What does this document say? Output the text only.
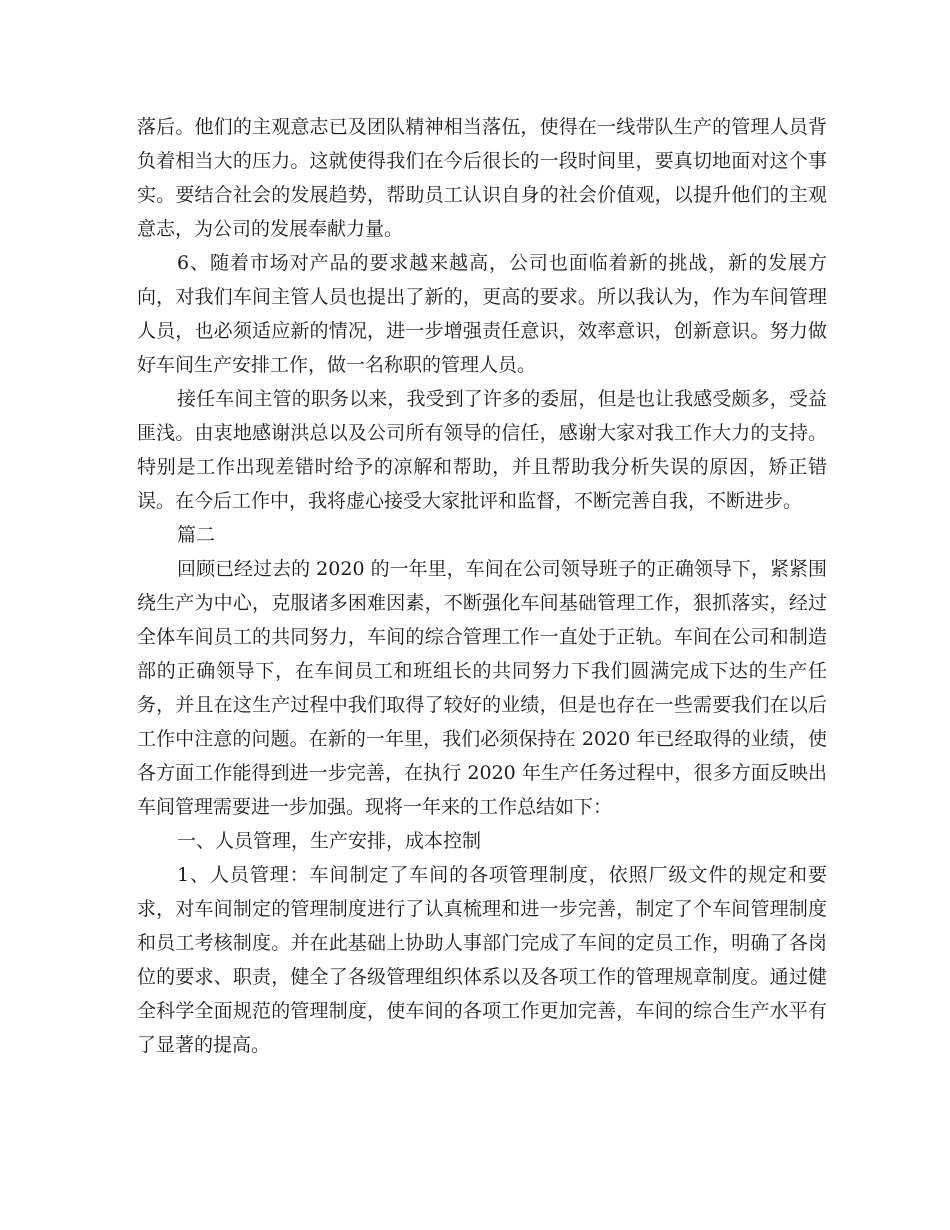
落后。他们的主观意志已及团队精神相当落伍，使得在一线带队生产的管理人员背负着相当大的压力。这就使得我们在今后很长的一段时间里，要真切地面对这个事实。要结合社会的发展趋势，帮助员工认识自身的社会价值观，以提升他们的主观意志，为公司的发展奉献力量。

6、随着市场对产品的要求越来越高，公司也面临着新的挑战，新的发展方向，对我们车间主管人员也提出了新的，更高的要求。所以我认为，作为车间管理人员，也必须适应新的情况，进一步增强责任意识，效率意识，创新意识。努力做好车间生产安排工作，做一名称职的管理人员。

接任车间主管的职务以来，我受到了许多的委屈，但是也让我感受颇多，受益匪浅。由衷地感谢洪总以及公司所有领导的信任，感谢大家对我工作大力的支持。特别是工作出现差错时给予的凉解和帮助，并且帮助我分析失误的原因，矫正错误。在今后工作中，我将虚心接受大家批评和监督，不断完善自我，不断进步。

篇二

回顾已经过去的 2020 的一年里，车间在公司领导班子的正确领导下，紧紧围绕生产为中心，克服诸多困难因素，不断强化车间基础管理工作，狠抓落实，经过全体车间员工的共同努力，车间的综合管理工作一直处于正轨。车间在公司和制造部的正确领导下，在车间员工和班组长的共同努力下我们圆满完成下达的生产任务，并且在这生产过程中我们取得了较好的业绩，但是也存在一些需要我们在以后工作中注意的问题。在新的一年里，我们必须保持在 2020 年已经取得的业绩，使各方面工作能得到进一步完善，在执行 2020 年生产任务过程中，很多方面反映出车间管理需要进一步加强。现将一年来的工作总结如下：

一、人员管理，生产安排，成本控制

1、人员管理：车间制定了车间的各项管理制度，依照厂级文件的规定和要求，对车间制定的管理制度进行了认真梳理和进一步完善，制定了个车间管理制度和员工考核制度。并在此基础上协助人事部门完成了车间的定员工作，明确了各岗位的要求、职责，健全了各级管理组织体系以及各项工作的管理规章制度。通过健全科学全面规范的管理制度，使车间的各项工作更加完善，车间的综合生产水平有了显著的提高。
